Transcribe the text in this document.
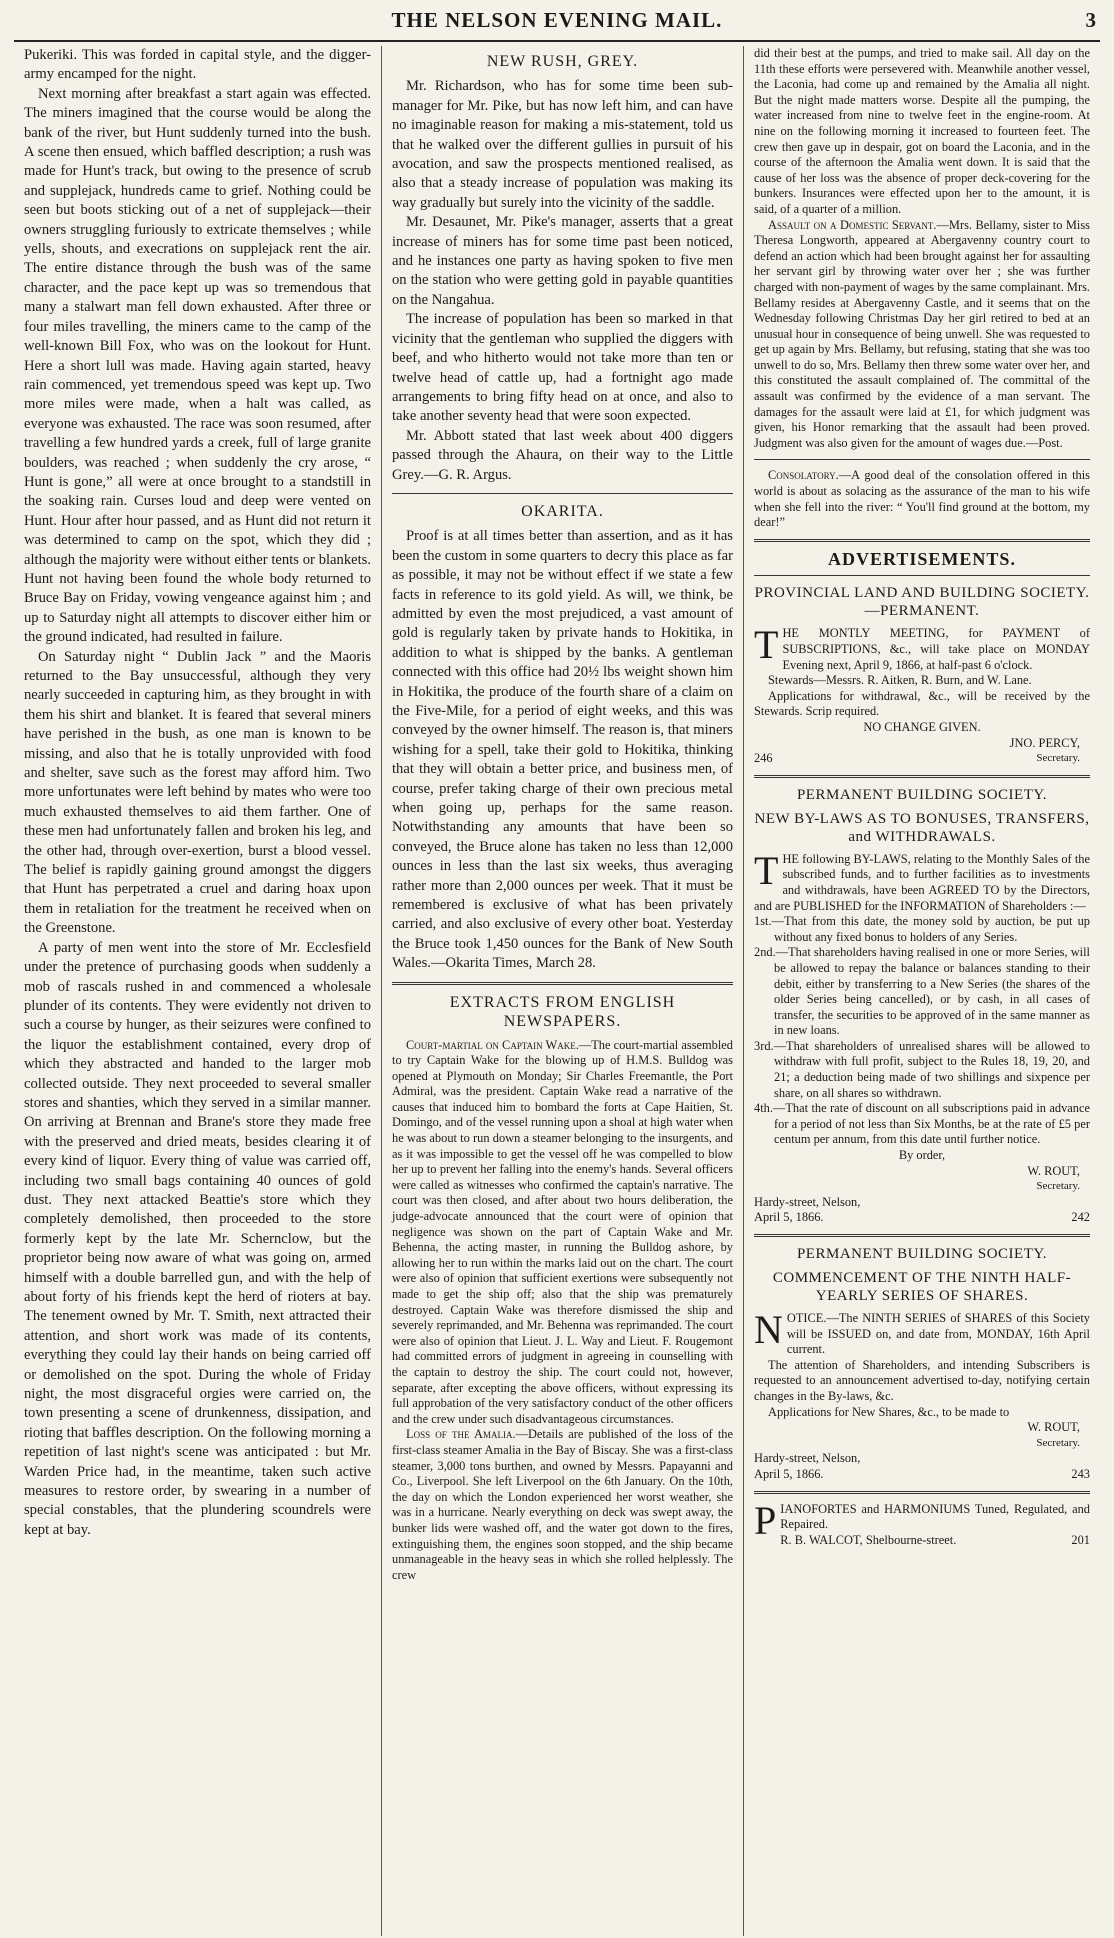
THE NELSON EVENING MAIL.	3

Pukeriki. This was forded in capital style, and the digger-army encamped for the night.

Next morning after breakfast a start again was effected. The miners imagined that the course would be along the bank of the river, but Hunt suddenly turned into the bush. A scene then ensued, which baffled description; a rush was made for Hunt's track, but owing to the presence of scrub and supplejack, hundreds came to grief. Nothing could be seen but boots sticking out of a net of supplejack—their owners struggling furiously to extricate themselves ; while yells, shouts, and execrations on supplejack rent the air. The entire distance through the bush was of the same character, and the pace kept up was so tremendous that many a stalwart man fell down exhausted. After three or four miles travelling, the miners came to the camp of the well-known Bill Fox, who was on the lookout for Hunt. Here a short lull was made. Having again started, heavy rain commenced, yet tremendous speed was kept up. Two more miles were made, when a halt was called, as everyone was exhausted. The race was soon resumed, after travelling a few hundred yards a creek, full of large granite boulders, was reached ; when suddenly the cry arose, “ Hunt is gone,” all were at once brought to a standstill in the soaking rain. Curses loud and deep were vented on Hunt. Hour after hour passed, and as Hunt did not return it was determined to camp on the spot, which they did ; although the majority were without either tents or blankets. Hunt not having been found the whole body returned to Bruce Bay on Friday, vowing vengeance against him ; and up to Saturday night all attempts to discover either him or the ground indicated, had resulted in failure.

On Saturday night “ Dublin Jack ” and the Maoris returned to the Bay unsuccessful, although they very nearly succeeded in capturing him, as they brought in with them his shirt and blanket. It is feared that several miners have perished in the bush, as one man is known to be missing, and also that he is totally unprovided with food and shelter, save such as the forest may afford him. Two more unfortunates were left behind by mates who were too much exhausted themselves to aid them farther. One of these men had unfortunately fallen and broken his leg, and the other had, through over-exertion, burst a blood vessel. The belief is rapidly gaining ground amongst the diggers that Hunt has perpetrated a cruel and daring hoax upon them in retaliation for the treatment he received when on the Greenstone.

A party of men went into the store of Mr. Ecclesfield under the pretence of purchasing goods when suddenly a mob of rascals rushed in and commenced a wholesale plunder of its contents. They were evidently not driven to such a course by hunger, as their seizures were confined to the liquor the establishment contained, every drop of which they abstracted and handed to the larger mob collected outside. They next proceeded to several smaller stores and shanties, which they served in a similar manner. On arriving at Brennan and Brane's store they made free with the preserved and dried meats, besides clearing it of every kind of liquor. Every thing of value was carried off, including two small bags containing 40 ounces of gold dust. They next attacked Beattie's store which they completely demolished, then proceeded to the store formerly kept by the late Mr. Schernclow, but the proprietor being now aware of what was going on, armed himself with a double barrelled gun, and with the help of about forty of his friends kept the herd of rioters at bay. The tenement owned by Mr. T. Smith, next attracted their attention, and short work was made of its contents, everything they could lay their hands on being carried off or demolished on the spot. During the whole of Friday night, the most disgraceful orgies were carried on, the town presenting a scene of drunkenness, dissipation, and rioting that baffles description. On the following morning a repetition of last night's scene was anticipated : but Mr. Warden Price had, in the meantime, taken such active measures to restore order, by swearing in a number of special constables, that the plundering scoundrels were kept at bay.

NEW RUSH, GREY.

Mr. Richardson, who has for some time been sub-manager for Mr. Pike, but has now left him, and can have no imaginable reason for making a mis-statement, told us that he walked over the different gullies in pursuit of his avocation, and saw the prospects mentioned realised, as also that a steady increase of population was making its way gradually but surely into the vicinity of the saddle.

Mr. Desaunet, Mr. Pike's manager, asserts that a great increase of miners has for some time past been noticed, and he instances one party as having spoken to five men on the station who were getting gold in payable quantities on the Nangahua.

The increase of population has been so marked in that vicinity that the gentleman who supplied the diggers with beef, and who hitherto would not take more than ten or twelve head of cattle up, had a fortnight ago made arrangements to bring fifty head on at once, and also to take another seventy head that were soon expected.

Mr. Abbott stated that last week about 400 diggers passed through the Ahaura, on their way to the Little Grey.—G. R. Argus.

OKARITA.

Proof is at all times better than assertion, and as it has been the custom in some quarters to decry this place as far as possible, it may not be without effect if we state a few facts in reference to its gold yield. As will, we think, be admitted by even the most prejudiced, a vast amount of gold is regularly taken by private hands to Hokitika, in addition to what is shipped by the banks. A gentleman connected with this office had 20½ lbs weight shown him in Hokitika, the produce of the fourth share of a claim on the Five-Mile, for a period of eight weeks, and this was conveyed by the owner himself. The reason is, that miners wishing for a spell, take their gold to Hokitika, thinking that they will obtain a better price, and business men, of course, prefer taking charge of their own precious metal when going up, perhaps for the same reason. Notwithstanding any amounts that have been so conveyed, the Bruce alone has taken no less than 12,000 ounces in less than the last six weeks, thus averaging rather more than 2,000 ounces per week. That it must be remembered is exclusive of what has been privately carried, and also exclusive of every other boat. Yesterday the Bruce took 1,450 ounces for the Bank of New South Wales.—Okarita Times, March 28.

EXTRACTS FROM ENGLISH NEWSPAPERS.

Court-martial on Captain Wake.—The court-martial assembled to try Captain Wake for the blowing up of H.M.S. Bulldog was opened at Plymouth on Monday; Sir Charles Freemantle, the Port Admiral, was the president. Captain Wake read a narrative of the causes that induced him to bombard the forts at Cape Haitien, St. Domingo, and of the vessel running upon a shoal at high water when he was about to run down a steamer belonging to the insurgents, and as it was impossible to get the vessel off he was compelled to blow her up to prevent her falling into the enemy's hands. Several officers were called as witnesses who confirmed the captain's narrative. The court was then closed, and after about two hours deliberation, the judge-advocate announced that the court were of opinion that negligence was shown on the part of Captain Wake and Mr. Behenna, the acting master, in running the Bulldog ashore, by allowing her to run within the marks laid out on the chart. The court were also of opinion that sufficient exertions were subsequently not made to get the ship off; also that the ship was prematurely destroyed. Captain Wake was therefore dismissed the ship and severely reprimanded, and Mr. Behenna was reprimanded. The court were also of opinion that Lieut. J. L. Way and Lieut. F. Rougemont had committed errors of judgment in agreeing in counselling with the captain to destroy the ship. The court could not, however, separate, after excepting the above officers, without expressing its full approbation of the very satisfactory conduct of the other officers and the crew under such disadvantageous circumstances.

Loss of the Amalia.—Details are published of the loss of the first-class steamer Amalia in the Bay of Biscay. She was a first-class steamer, 3,000 tons burthen, and owned by Messrs. Papayanni and Co., Liverpool. She left Liverpool on the 6th January. On the 10th, the day on which the London experienced her worst weather, she was in a hurricane. Nearly everything on deck was swept away, the bunker lids were washed off, and the water got down to the fires, extinguishing them, the engines soon stopped, and the ship became unmanageable in the heavy seas in which she rolled helplessly. The crew

did their best at the pumps, and tried to make sail. All day on the 11th these efforts were persevered with. Meanwhile another vessel, the Laconia, had come up and remained by the Amalia all night. But the night made matters worse. Despite all the pumping, the water increased from nine to twelve feet in the engine-room. At nine on the following morning it increased to fourteen feet. The crew then gave up in despair, got on board the Laconia, and in the course of the afternoon the Amalia went down. It is said that the cause of her loss was the absence of proper deck-covering for the bunkers. Insurances were effected upon her to the amount, it is said, of a quarter of a million.

Assault on a Domestic Servant.—Mrs. Bellamy, sister to Miss Theresa Longworth, appeared at Abergavenny country court to defend an action which had been brought against her for assaulting her servant girl by throwing water over her ; she was further charged with non-payment of wages by the same complainant. Mrs. Bellamy resides at Abergavenny Castle, and it seems that on the Wednesday following Christmas Day her girl retired to bed at an unusual hour in consequence of being unwell. She was requested to get up again by Mrs. Bellamy, but refusing, stating that she was too unwell to do so, Mrs. Bellamy then threw some water over her, and this constituted the assault complained of. The committal of the assault was confirmed by the evidence of a man servant. The damages for the assault were laid at £1, for which judgment was given, his Honor remarking that the assault had been proved. Judgment was also given for the amount of wages due.—Post.

Consolatory.—A good deal of the consolation offered in this world is about as solacing as the assurance of the man to his wife when she fell into the river: “ You'll find ground at the bottom, my dear!”

ADVERTISEMENTS.
PROVINCIAL LAND AND BUILDING SOCIETY.—PERMANENT.

THE MONTLY MEETING, for PAYMENT of SUBSCRIPTIONS, &c., will take place on MONDAY Evening next, April 9, 1866, at half-past 6 o'clock.

Stewards—Messrs. R. Aitken, R. Burn, and W. Lane.

Applications for withdrawal, &c., will be received by the Stewards. Scrip required.

NO CHANGE GIVEN.
JNO. PERCY,
246	Secretary.
PERMANENT BUILDING SOCIETY.
NEW BY-LAWS AS TO BONUSES, TRANSFERS, and WITHDRAWALS.

THE following BY-LAWS, relating to the Monthly Sales of the subscribed funds, and to further facilities as to investments and withdrawals, have been AGREED TO by the Directors, and are PUBLISHED for the INFORMATION of Shareholders :—

1st.—That from this date, the money sold by auction, be put up without any fixed bonus to holders of any Series.

2nd.—That shareholders having realised in one or more Series, will be allowed to repay the balance or balances standing to their debit, either by transferring to a New Series (the shares of the older Series being cancelled), or by cash, in all cases of transfer, the securities to be approved of in the same manner as in new loans.

3rd.—That shareholders of unrealised shares will be allowed to withdraw with full profit, subject to the Rules 18, 19, 20, and 21; a deduction being made of two shillings and sixpence per share, on all shares so withdrawn.

4th.—That the rate of discount on all subscriptions paid in advance for a period of not less than Six Months, be at the rate of £5 per centum per annum, from this date until further notice.

By order,
W. ROUT,
Secretary.
Hardy-street, Nelson,
April 5, 1866.	242
PERMANENT BUILDING SOCIETY.
COMMENCEMENT OF THE NINTH HALF-YEARLY SERIES OF SHARES.

NOTICE.—The NINTH SERIES of SHARES of this Society will be ISSUED on, and date from, MONDAY, 16th April current.

The attention of Shareholders, and intending Subscribers is requested to an announcement advertised to-day, notifying certain changes in the By-laws, &c.

Applications for New Shares, &c., to be made to

W. ROUT,
Secretary.
Hardy-street, Nelson,
April 5, 1866.	243

PIANOFORTES and HARMONIUMS Tuned, Regulated, and Repaired.

R. B. WALCOT, Shelbourne-street.	201
